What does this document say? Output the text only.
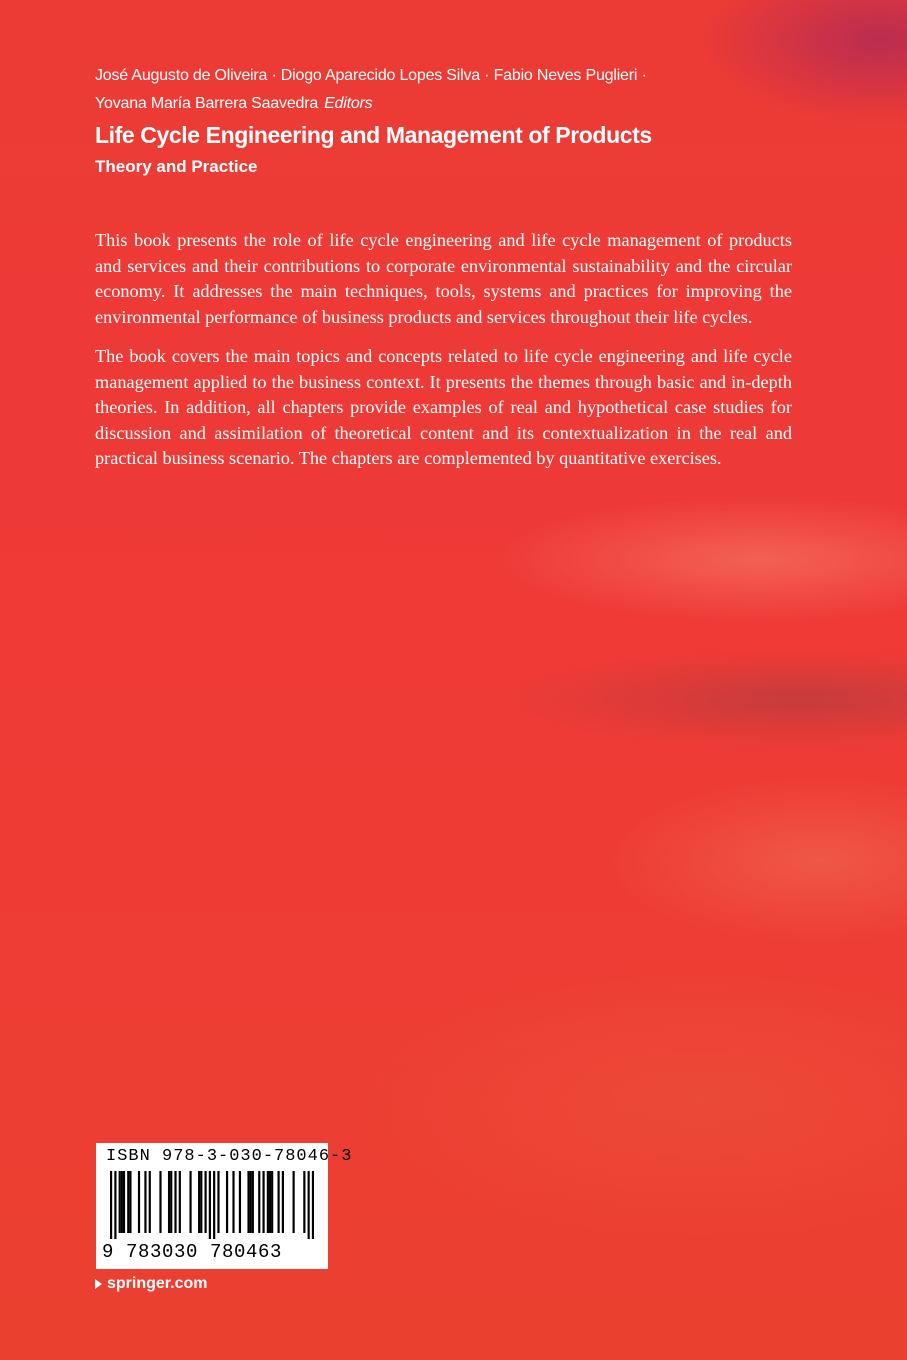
José Augusto de Oliveira · Diogo Aparecido Lopes Silva · Fabio Neves Puglieri ·
Yovana María Barrera Saavedra Editors
Life Cycle Engineering and Management of Products
Theory and Practice

This book presents the role of life cycle engineering and life cycle management of products and services and their contributions to corporate environmental sustainability and the circular economy. It addresses the main techniques, tools, systems and practices for improving the environmental performance of business products and services throughout their life cycles.

The book covers the main topics and concepts related to life cycle engineering and life cycle management applied to the business context. It presents the themes through basic and in-depth theories. In addition, all chapters provide examples of real and hypothetical case studies for discussion and assimilation of theoretical content and its contextualization in the real and practical business scenario. The chapters are complemented by quantitative exercises.

ISBN 978-3-030-78046-3
9 783030 780463
springer.com
